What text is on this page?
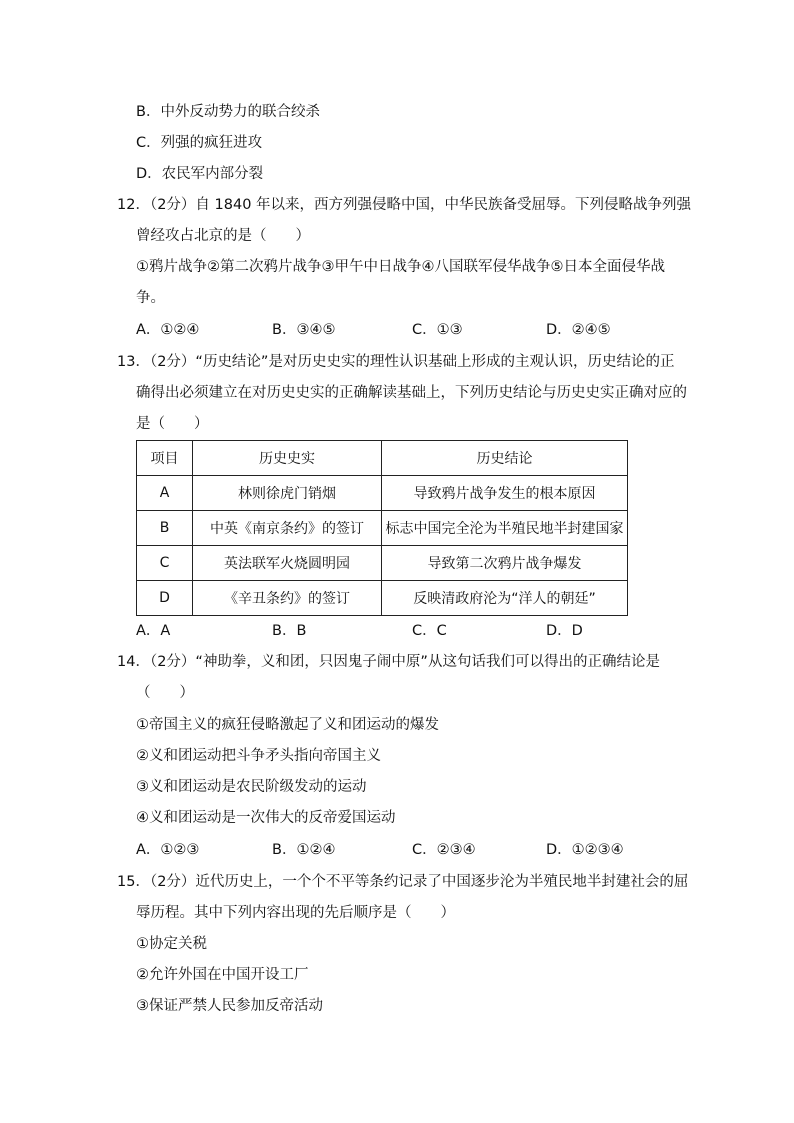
B．中外反动势力的联合绞杀
C．列强的疯狂进攻
D．农民军内部分裂
12．（2分）自 1840 年以来，西方列强侵略中国，中华民族备受屈辱。下列侵略战争列强
曾经攻占北京的是（　　）
①鸦片战争②第二次鸦片战争③甲午中日战争④八国联军侵华战争⑤日本全面侵华战
争。
A．①②④	B．③④⑤	C．①③	D．②④⑤
13．（2分）“历史结论”是对历史史实的理性认识基础上形成的主观认识，历史结论的正
确得出必须建立在对历史史实的正确解读基础上，下列历史结论与历史史实正确对应的
是（　　）
项目	历史史实	历史结论
A	林则徐虎门销烟	导致鸦片战争发生的根本原因
B	中英《南京条约》的签订	标志中国完全沦为半殖民地半封建国家
C	英法联军火烧圆明园	导致第二次鸦片战争爆发
D	《辛丑条约》的签订	反映清政府沦为“洋人的朝廷”
A．A	B．B	C．C	D．D
14．（2分）“神助拳，义和团，只因鬼子闹中原”从这句话我们可以得出的正确结论是
（　　）
①帝国主义的疯狂侵略激起了义和团运动的爆发
②义和团运动把斗争矛头指向帝国主义
③义和团运动是农民阶级发动的运动
④义和团运动是一次伟大的反帝爱国运动
A．①②③	B．①②④	C．②③④	D．①②③④
15．（2分）近代历史上，一个个不平等条约记录了中国逐步沦为半殖民地半封建社会的屈
辱历程。其中下列内容出现的先后顺序是（　　）
①协定关税
②允许外国在中国开设工厂
③保证严禁人民参加反帝活动
